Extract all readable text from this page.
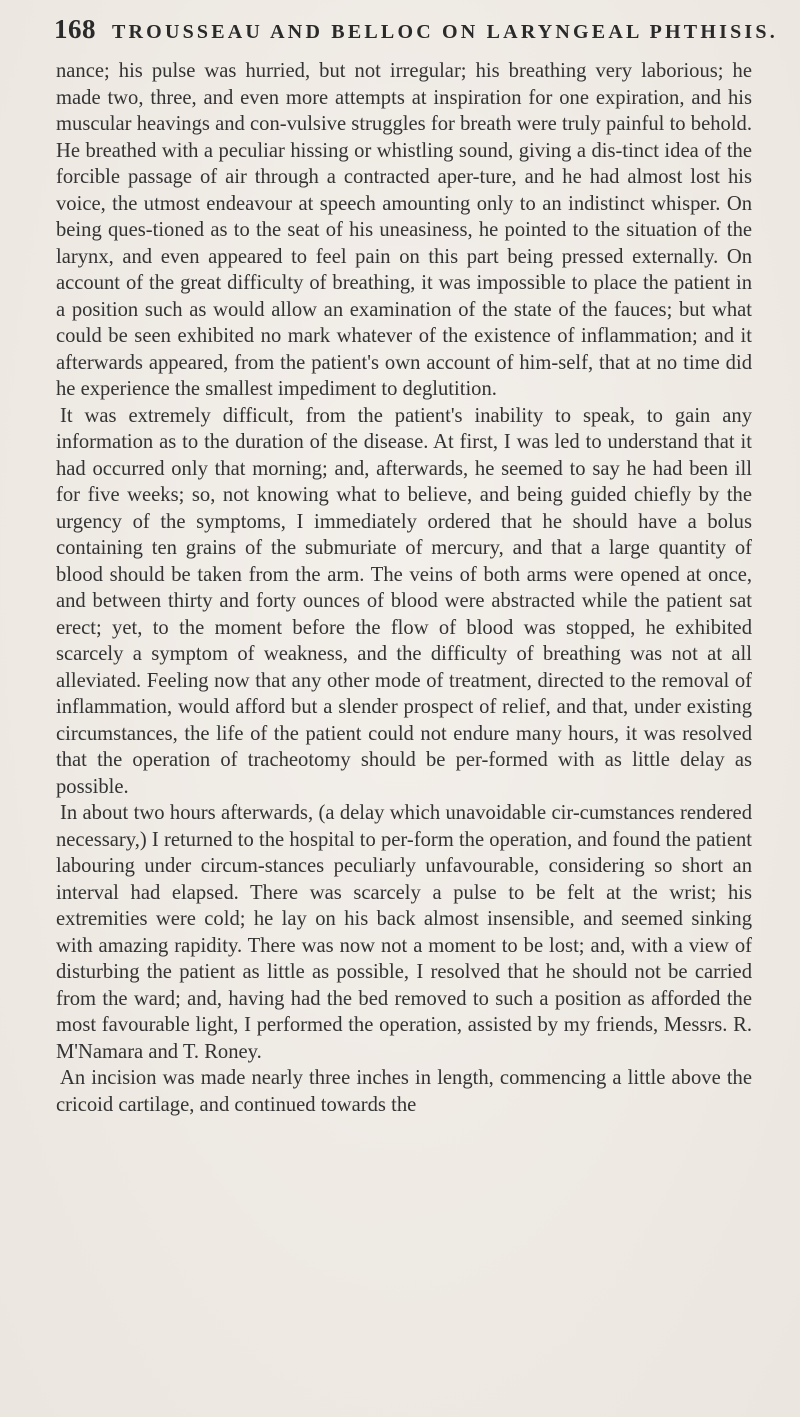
168 TROUSSEAU AND BELLOC ON LARYNGEAL PHTHISIS.

nance; his pulse was hurried, but not irregular; his breathing very laborious; he made two, three, and even more attempts at inspiration for one expiration, and his muscular heavings and con-vulsive struggles for breath were truly painful to behold. He breathed with a peculiar hissing or whistling sound, giving a dis-tinct idea of the forcible passage of air through a contracted aper-ture, and he had almost lost his voice, the utmost endeavour at speech amounting only to an indistinct whisper. On being ques-tioned as to the seat of his uneasiness, he pointed to the situation of the larynx, and even appeared to feel pain on this part being pressed externally. On account of the great difficulty of breathing, it was impossible to place the patient in a position such as would allow an examination of the state of the fauces; but what could be seen exhibited no mark whatever of the existence of inflammation; and it afterwards appeared, from the patient's own account of him-self, that at no time did he experience the smallest impediment to deglutition.

It was extremely difficult, from the patient's inability to speak, to gain any information as to the duration of the disease. At first, I was led to understand that it had occurred only that morning; and, afterwards, he seemed to say he had been ill for five weeks; so, not knowing what to believe, and being guided chiefly by the urgency of the symptoms, I immediately ordered that he should have a bolus containing ten grains of the submuriate of mercury, and that a large quantity of blood should be taken from the arm. The veins of both arms were opened at once, and between thirty and forty ounces of blood were abstracted while the patient sat erect; yet, to the moment before the flow of blood was stopped, he exhibited scarcely a symptom of weakness, and the difficulty of breathing was not at all alleviated. Feeling now that any other mode of treatment, directed to the removal of inflammation, would afford but a slender prospect of relief, and that, under existing circumstances, the life of the patient could not endure many hours, it was resolved that the operation of tracheotomy should be per-formed with as little delay as possible.

In about two hours afterwards, (a delay which unavoidable cir-cumstances rendered necessary,) I returned to the hospital to per-form the operation, and found the patient labouring under circum-stances peculiarly unfavourable, considering so short an interval had elapsed. There was scarcely a pulse to be felt at the wrist; his extremities were cold; he lay on his back almost insensible, and seemed sinking with amazing rapidity. There was now not a moment to be lost; and, with a view of disturbing the patient as little as possible, I resolved that he should not be carried from the ward; and, having had the bed removed to such a position as afforded the most favourable light, I performed the operation, assisted by my friends, Messrs. R. M'Namara and T. Roney.

An incision was made nearly three inches in length, commencing a little above the cricoid cartilage, and continued towards the
